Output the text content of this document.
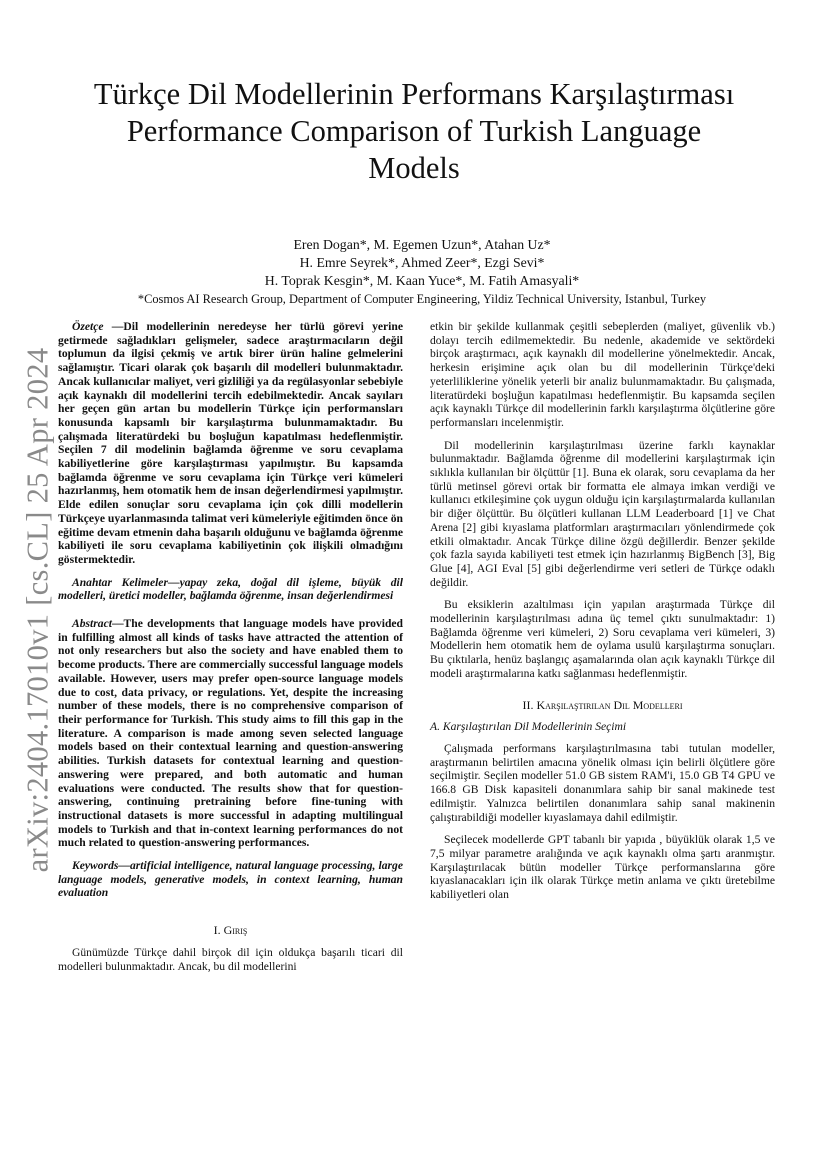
arXiv:2404.17010v1 [cs.CL] 25 Apr 2024
Türkçe Dil Modellerinin Performans Karşılaştırması
Performance Comparison of Turkish Language
Models
Eren Dogan*, M. Egemen Uzun*, Atahan Uz*
H. Emre Seyrek*, Ahmed Zeer*, Ezgi Sevi*
H. Toprak Kesgin*, M. Kaan Yuce*, M. Fatih Amasyali*
*Cosmos AI Research Group, Department of Computer Engineering, Yildiz Technical University, Istanbul, Turkey

Özetçe —Dil modellerinin neredeyse her türlü görevi yerine getirmede sağladıkları gelişmeler, sadece araştırmacıların değil toplumun da ilgisi çekmiş ve artık birer ürün haline gelmelerini sağlamıştır. Ticari olarak çok başarılı dil modelleri bulunmaktadır. Ancak kullanıcılar maliyet, veri gizliliği ya da regülasyonlar sebebiyle açık kaynaklı dil modellerini tercih edebilmektedir. Ancak sayıları her geçen gün artan bu modellerin Türkçe için performansları konusunda kapsamlı bir karşılaştırma bulunmamaktadır. Bu çalışmada literatürdeki bu boşluğun kapatılması hedeflenmiştir. Seçilen 7 dil modelinin bağlamda öğrenme ve soru cevaplama kabiliyetlerine göre karşılaştırması yapılmıştır. Bu kapsamda bağlamda öğrenme ve soru cevaplama için Türkçe veri kümeleri hazırlanmış, hem otomatik hem de insan değerlendirmesi yapılmıştır. Elde edilen sonuçlar soru cevaplama için çok dilli modellerin Türkçeye uyarlanmasında talimat veri kümeleriyle eğitimden önce ön eğitime devam etmenin daha başarılı olduğunu ve bağlamda öğrenme kabiliyeti ile soru cevaplama kabiliyetinin çok ilişkili olmadığını göstermektedir.

Anahtar Kelimeler—yapay zeka, doğal dil işleme, büyük dil modelleri, üretici modeller, bağlamda öğrenme, insan değerlendirmesi

Abstract—The developments that language models have provided in fulfilling almost all kinds of tasks have attracted the attention of not only researchers but also the society and have enabled them to become products. There are commercially successful language models available. However, users may prefer open-source language models due to cost, data privacy, or regulations. Yet, despite the increasing number of these models, there is no comprehensive comparison of their performance for Turkish. This study aims to fill this gap in the literature. A comparison is made among seven selected language models based on their contextual learning and question-answering abilities. Turkish datasets for contextual learning and question-answering were prepared, and both automatic and human evaluations were conducted. The results show that for question-answering, continuing pretraining before fine-tuning with instructional datasets is more successful in adapting multilingual models to Turkish and that in-context learning performances do not much related to question-answering performances.

Keywords—artificial intelligence, natural language processing, large language models, generative models, in context learning, human evaluation

I. Giriş

Günümüzde Türkçe dahil birçok dil için oldukça başarılı ticari dil modelleri bulunmaktadır. Ancak, bu dil modellerini

etkin bir şekilde kullanmak çeşitli sebeplerden (maliyet, güvenlik vb.) dolayı tercih edilmemektedir. Bu nedenle, akademide ve sektördeki birçok araştırmacı, açık kaynaklı dil modellerine yönelmektedir. Ancak, herkesin erişimine açık olan bu dil modellerinin Türkçe'deki yeterliliklerine yönelik yeterli bir analiz bulunmamaktadır. Bu çalışmada, literatürdeki boşluğun kapatılması hedeflenmiştir. Bu kapsamda seçilen açık kaynaklı Türkçe dil modellerinin farklı karşılaştırma ölçütlerine göre performansları incelenmiştir.

Dil modellerinin karşılaştırılması üzerine farklı kaynaklar bulunmaktadır. Bağlamda öğrenme dil modellerini karşılaştırmak için sıklıkla kullanılan bir ölçüttür [1]. Buna ek olarak, soru cevaplama da her türlü metinsel görevi ortak bir formatta ele almaya imkan verdiği ve kullanıcı etkileşimine çok uygun olduğu için karşılaştırmalarda kullanılan bir diğer ölçüttür. Bu ölçütleri kullanan LLM Leaderboard [1] ve Chat Arena [2] gibi kıyaslama platformları araştırmacıları yönlendirmede çok etkili olmaktadır. Ancak Türkçe diline özgü değillerdir. Benzer şekilde çok fazla sayıda kabiliyeti test etmek için hazırlanmış BigBench [3], Big Glue [4], AGI Eval [5] gibi değerlendirme veri setleri de Türkçe odaklı değildir.

Bu eksiklerin azaltılması için yapılan araştırmada Türkçe dil modellerinin karşılaştırılması adına üç temel çıktı sunulmaktadır: 1) Bağlamda öğrenme veri kümeleri, 2) Soru cevaplama veri kümeleri, 3) Modellerin hem otomatik hem de oylama usulü karşılaştırma sonuçları. Bu çıktılarla, henüz başlangıç aşamalarında olan açık kaynaklı Türkçe dil modeli araştırmalarına katkı sağlanması hedeflenmiştir.

II. Karşılaştırılan Dil Modelleri
A. Karşılaştırılan Dil Modellerinin Seçimi

Çalışmada performans karşılaştırılmasına tabi tutulan modeller, araştırmanın belirtilen amacına yönelik olması için belirli ölçütlere göre seçilmiştir. Seçilen modeller 51.0 GB sistem RAM'i, 15.0 GB T4 GPU ve 166.8 GB Disk kapasiteli donanımlara sahip bir sanal makinede test edilmiştir. Yalnızca belirtilen donanımlara sahip sanal makinenin çalıştırabildiği modeller kıyaslamaya dahil edilmiştir.

Seçilecek modellerde GPT tabanlı bir yapıda , büyüklük olarak 1,5 ve 7,5 milyar parametre aralığında ve açık kaynaklı olma şartı aranmıştır. Karşılaştırılacak bütün modeller Türkçe performanslarına göre kıyaslanacakları için ilk olarak Türkçe metin anlama ve çıktı üretebilme kabiliyetleri olan
